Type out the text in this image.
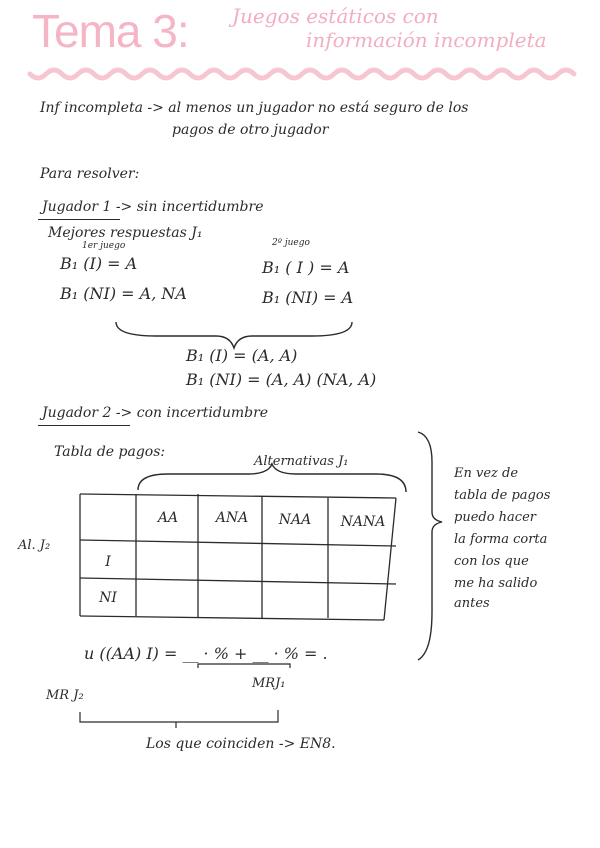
Tema 3: Juegos estáticos con
información incompleta
Inf incompleta -> al menos un jugador no está seguro de los
pagos de otro jugador
Para resolver:
Jugador 1 -> sin incertidumbre
Mejores respuestas J₁
1er juego	2º juego
B₁ (I) = A
B₁ (NI) = A, NA
B₁ ( I ) = A
B₁ (NI) = A
B₁ (I) = (A, A)
B₁ (NI) = (A, A) (NA, A)
Jugador 2 -> con incertidumbre
Tabla de pagos:
Alternativas J₁
Al. J₂
AA	ANA	NAA	NANA
I
NI
En vez de
tabla de pagos
puedo hacer
la forma corta
con los que
me ha salido
antes
u ((AA) I) = __ · % + __ · % = .
MRJ₁
MR J₂
Los que coinciden -> EN8.
